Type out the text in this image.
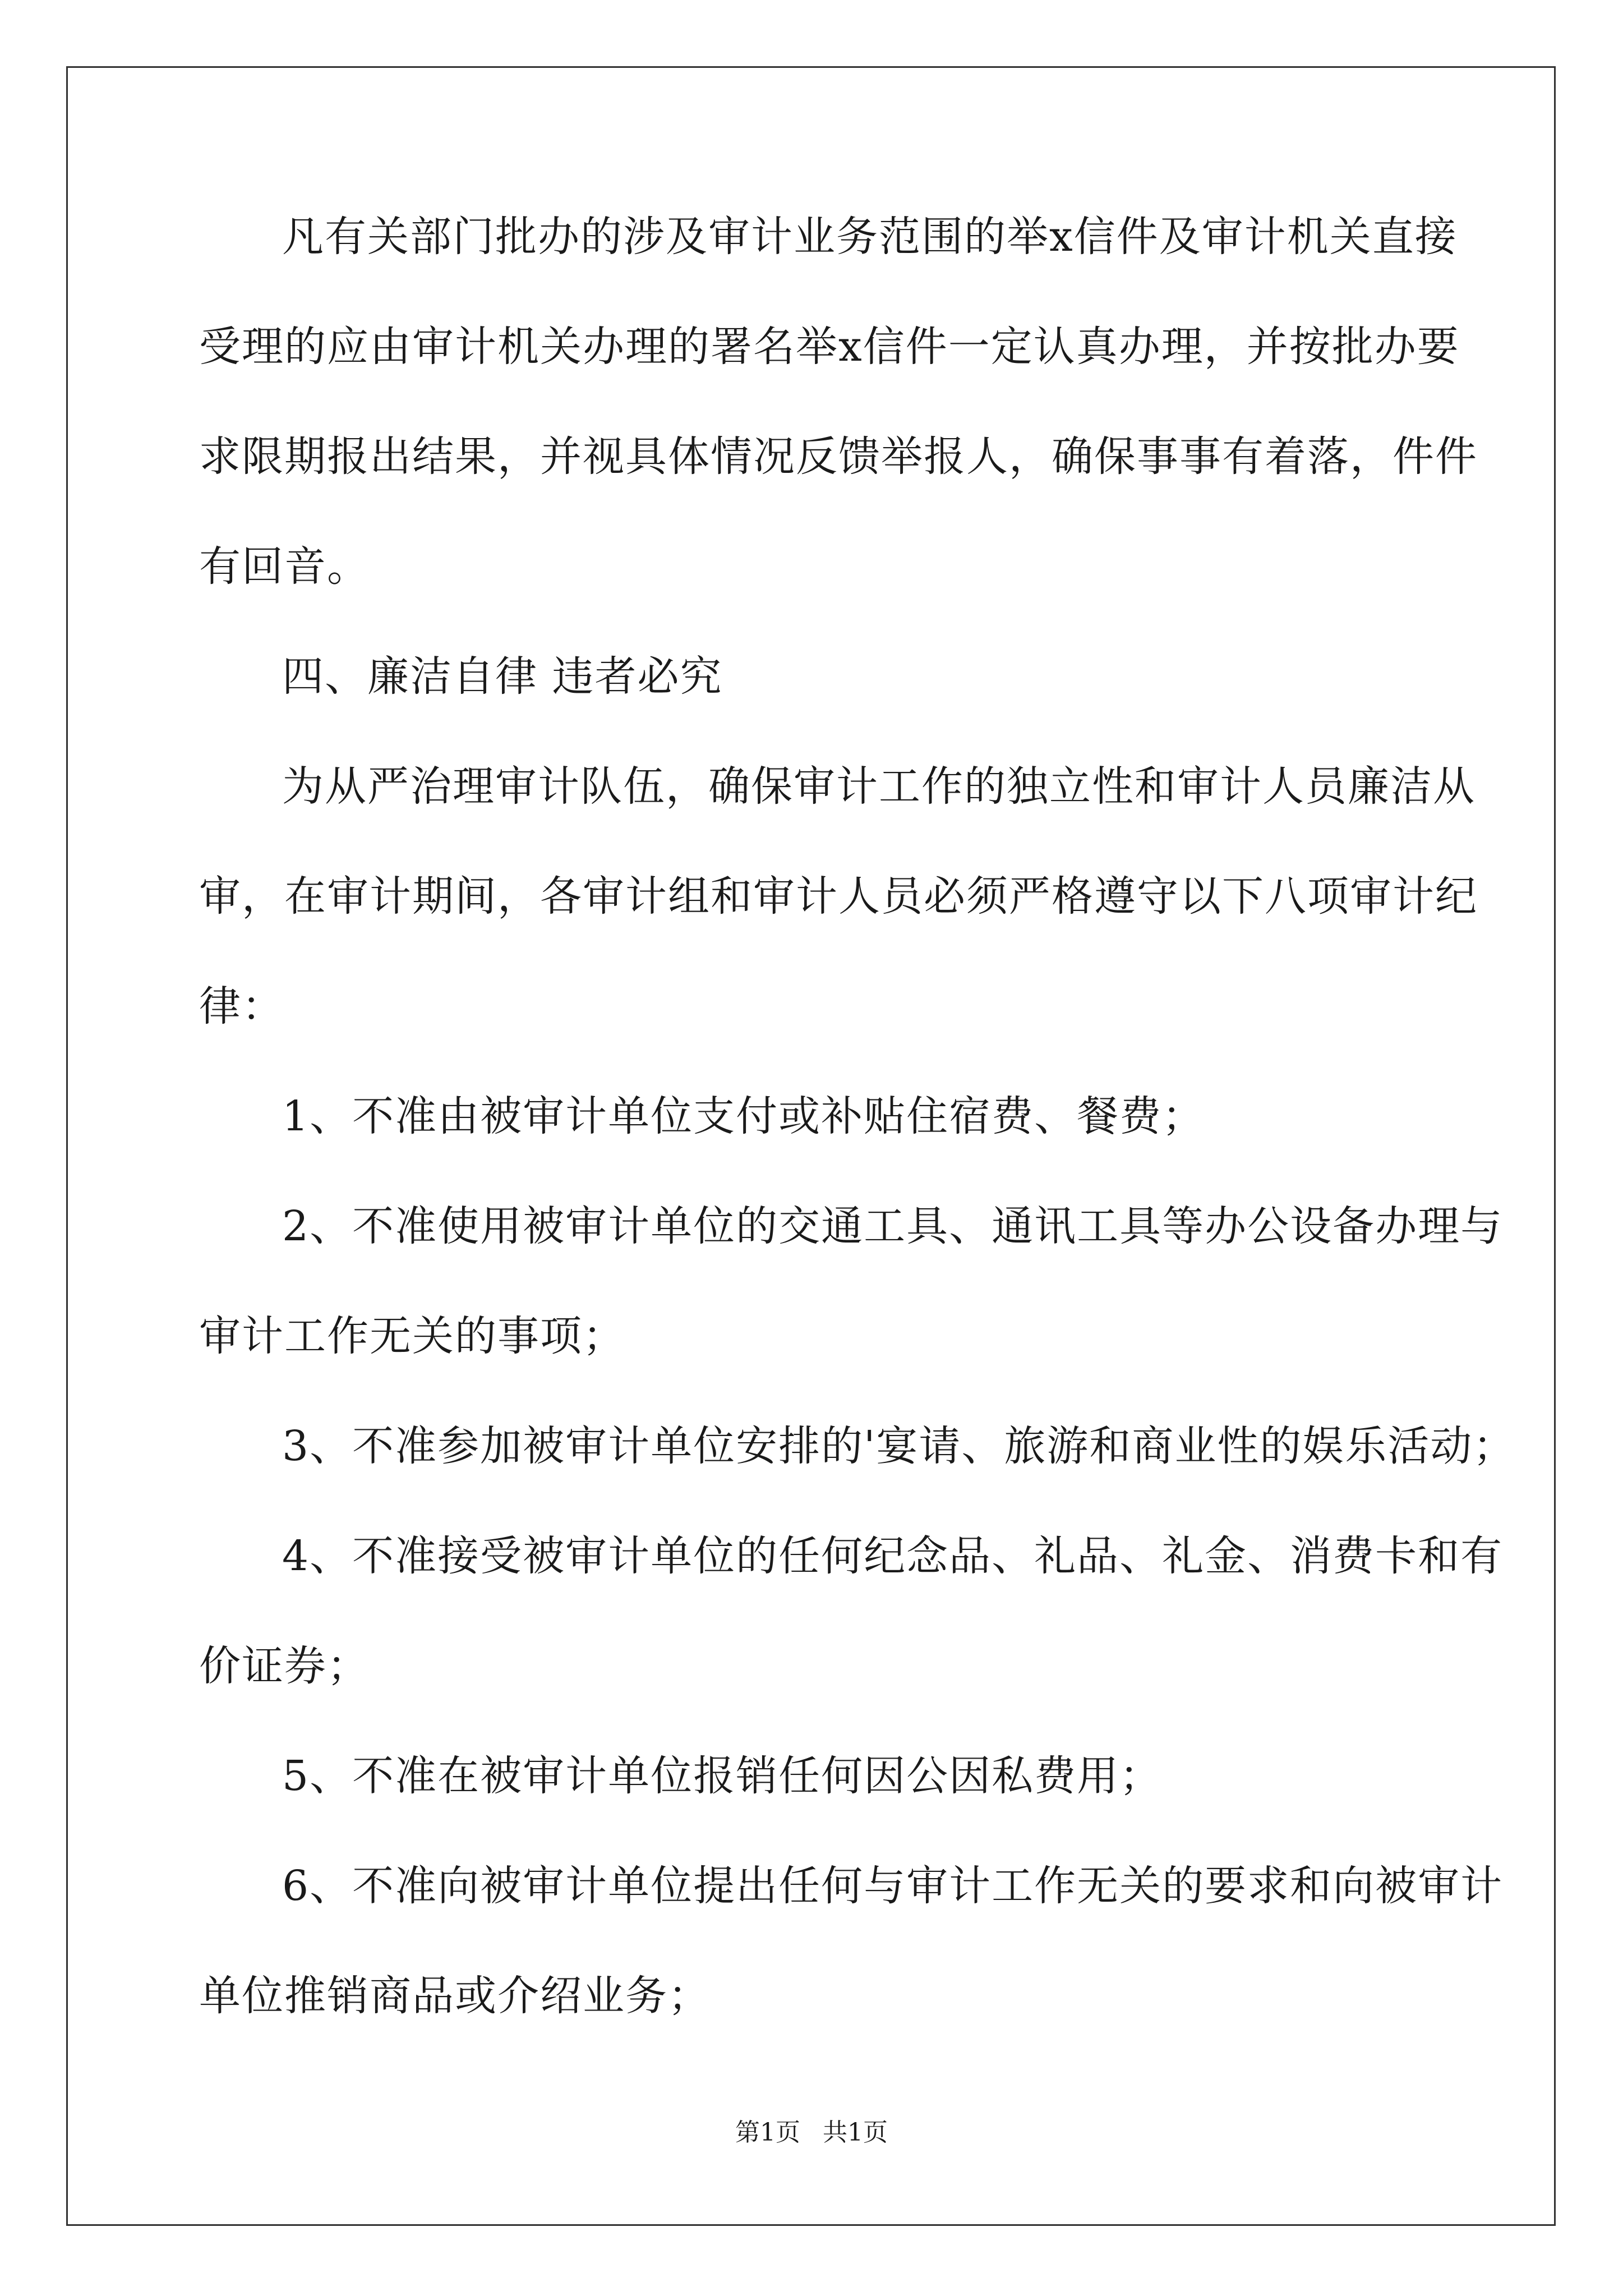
凡有关部门批办的涉及审计业务范围的举x信件及审计机关直接
受理的应由审计机关办理的署名举x信件一定认真办理，并按批办要
求限期报出结果，并视具体情况反馈举报人，确保事事有着落，件件
有回音。
四、廉洁自律 违者必究
为从严治理审计队伍，确保审计工作的独立性和审计人员廉洁从
审，在审计期间，各审计组和审计人员必须严格遵守以下八项审计纪
律：
1、不准由被审计单位支付或补贴住宿费、餐费；
2、不准使用被审计单位的交通工具、通讯工具等办公设备办理与
审计工作无关的事项；
3、不准参加被审计单位安排的'宴请、旅游和商业性的娱乐活动；
4、不准接受被审计单位的任何纪念品、礼品、礼金、消费卡和有
价证券；
5、不准在被审计单位报销任何因公因私费用；
6、不准向被审计单位提出任何与审计工作无关的要求和向被审计
单位推销商品或介绍业务；
第1页 共1页
